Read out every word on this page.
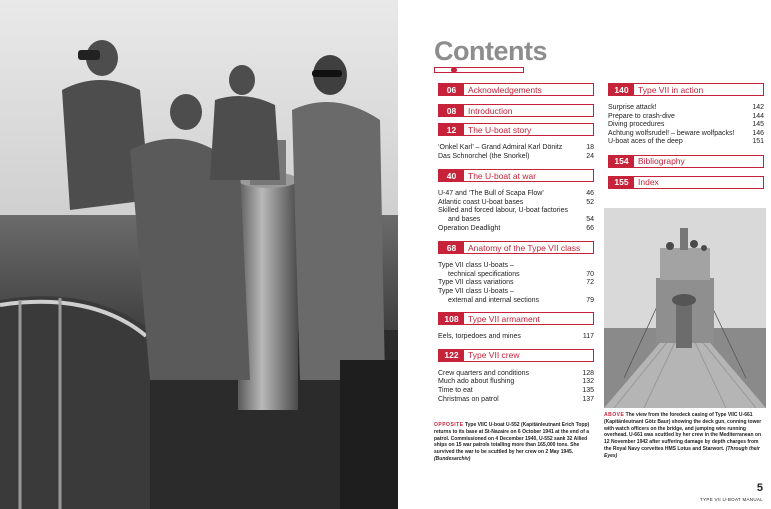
Contents
06	Acknowledgements
08	Introduction
12	The U-boat story
‘Onkel Karl’ – Grand Admiral Karl Dönitz	18
Das Schnorchel (the Snorkel)	24
40	The U-boat at war
U-47 and ‘The Bull of Scapa Flow’	46
Atlantic coast U-boat bases	52
Skilled and forced labour, U-boat factories
and bases	54
Operation Deadlight	66
68	Anatomy of the Type VII class
Type VII class U-boats –
technical specifications	70
Type VII class variations	72
Type VII class U-boats –
external and internal sections	79
108	Type VII armament
Eels, torpedoes and mines	117
122	Type VII crew
Crew quarters and conditions	128
Much ado about flushing	132
Time to eat	135
Christmas on patrol	137
140	Type VII in action
Surprise attack!	142
Prepare to crash-dive	144
Diving procedures	145
Achtung wolfsrudel! – beware wolfpacks!	146
U-boat aces of the deep	151
154	Bibliography
155	Index
OPPOSITE Type VIIC U-boat U-552 (Kapitänleutnant Erich Topp) returns to its base at St-Nazaire on 6 October 1941 at the end of a patrol. Commissioned on 4 December 1940, U-552 sank 32 Allied ships on 15 war patrols totalling more than 165,000 tons. She survived the war to be scuttled by her crew on 2 May 1945. (Bundesarchiv)
ABOVE The view from the foredeck casing of Type VIIC U-661 (Kapitänleutnant Götz Baur) showing the deck gun, conning tower with watch officers on the bridge, and jumping wire running overhead. U-661 was scuttled by her crew in the Mediterranean on 12 November 1942 after suffering damage by depth charges from the Royal Navy corvettes HMS Lotus and Starwort. (Through their Eyes)
5
TYPE VII U-BOAT MANUAL
